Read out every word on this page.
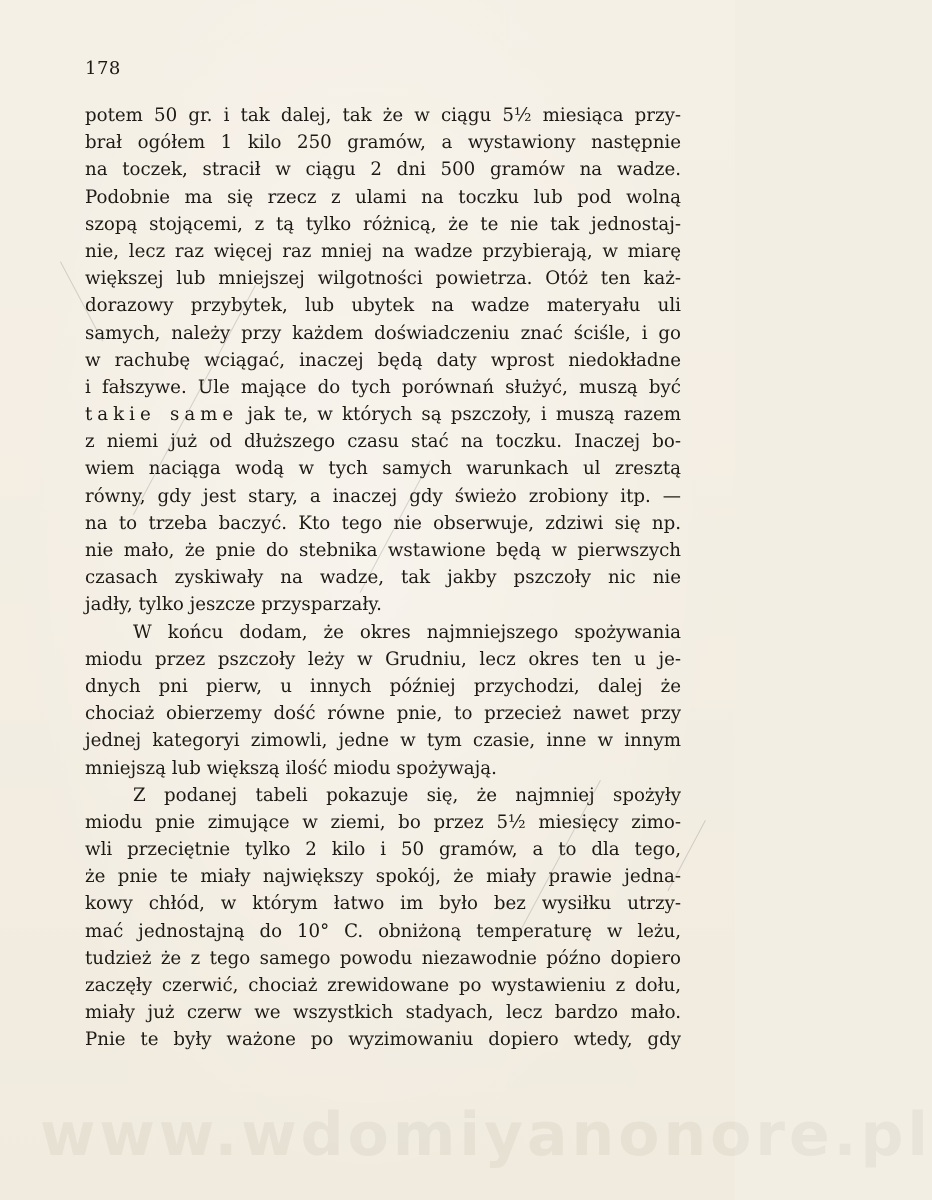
178
potem 50 gr. i tak dalej, tak że w ciągu 5½ miesiąca przy-
brał ogółem 1 kilo 250 gramów, a wystawiony następnie
na toczek, stracił w ciągu 2 dni 500 gramów na wadze.
Podobnie ma się rzecz z ulami na toczku lub pod wolną
szopą stojącemi, z tą tylko różnicą, że te nie tak jednostaj-
nie, lecz raz więcej raz mniej na wadze przybierają, w miarę
większej lub mniejszej wilgotności powietrza. Otóż ten każ-
dorazowy przybytek, lub ubytek na wadze materyału uli
samych, należy przy każdem doświadczeniu znać ściśle, i go
w rachubę wciągać, inaczej będą daty wprost niedokładne
i fałszywe. Ule mające do tych porównań służyć, muszą być
takie same jak te, w których są pszczoły, i muszą razem
z niemi już od dłuższego czasu stać na toczku. Inaczej bo-
wiem naciąga wodą w tych samych warunkach ul zresztą
równy, gdy jest stary, a inaczej gdy świeżo zrobiony itp. —
na to trzeba baczyć. Kto tego nie obserwuje, zdziwi się np.
nie mało, że pnie do stebnika wstawione będą w pierwszych
czasach zyskiwały na wadze, tak jakby pszczoły nic nie
jadły, tylko jeszcze przysparzały.
W końcu dodam, że okres najmniejszego spożywania
miodu przez pszczoły leży w Grudniu, lecz okres ten u je-
dnych pni pierw, u innych później przychodzi, dalej że
chociaż obierzemy dość równe pnie, to przecież nawet przy
jednej kategoryi zimowli, jedne w tym czasie, inne w innym
mniejszą lub większą ilość miodu spożywają.
Z podanej tabeli pokazuje się, że najmniej spożyły
miodu pnie zimujące w ziemi, bo przez 5½ miesięcy zimo-
wli przeciętnie tylko 2 kilo i 50 gramów, a to dla tego,
że pnie te miały największy spokój, że miały prawie jedna-
kowy chłód, w którym łatwo im było bez wysiłku utrzy-
mać jednostajną do 10° C. obniżoną temperaturę w leżu,
tudzież że z tego samego powodu niezawodnie późno dopiero
zaczęły czerwić, chociaż zrewidowane po wystawieniu z dołu,
miały już czerw we wszystkich stadyach, lecz bardzo mało.
Pnie te były ważone po wyzimowaniu dopiero wtedy, gdy
www.wdomiyanonore.pl
